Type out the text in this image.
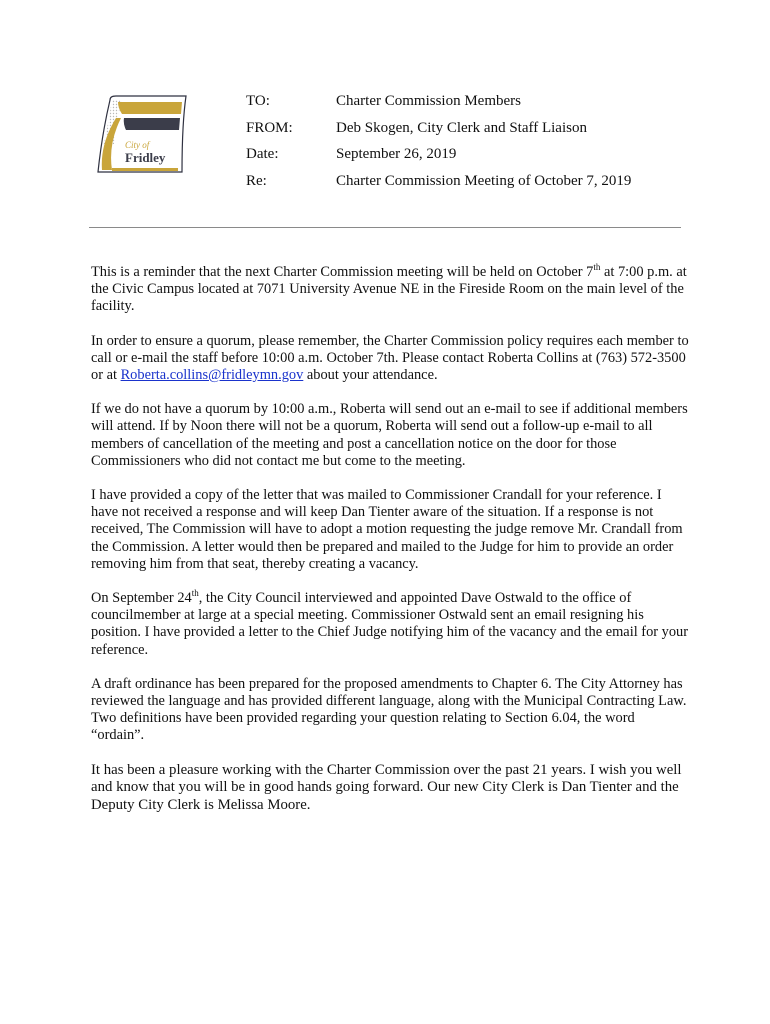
City of
Fridley
TO:	Charter Commission Members
FROM:	Deb Skogen, City Clerk and Staff Liaison
Date:	September 26, 2019
Re:	Charter Commission Meeting of October 7, 2019

This is a reminder that the next Charter Commission meeting will be held on October 7th at 7:00 p.m. at the Civic Campus located at 7071 University Avenue NE in the Fireside Room on the main level of the facility.

In order to ensure a quorum, please remember, the Charter Commission policy requires each member to call or e-mail the staff before 10:00 a.m. October 7th. Please contact Roberta Collins at (763) 572-3500 or at Roberta.collins@fridleymn.gov about your attendance.

If we do not have a quorum by 10:00 a.m., Roberta will send out an e-mail to see if additional members will attend. If by Noon there will not be a quorum, Roberta will send out a follow-up e-mail to all members of cancellation of the meeting and post a cancellation notice on the door for those Commissioners who did not contact me but come to the meeting.

I have provided a copy of the letter that was mailed to Commissioner Crandall for your reference. I have not received a response and will keep Dan Tienter aware of the situation. If a response is not received, The Commission will have to adopt a motion requesting the judge remove Mr. Crandall from the Commission. A letter would then be prepared and mailed to the Judge for him to provide an order removing him from that seat, thereby creating a vacancy.

On September 24th, the City Council interviewed and appointed Dave Ostwald to the office of councilmember at large at a special meeting. Commissioner Ostwald sent an email resigning his position. I have provided a letter to the Chief Judge notifying him of the vacancy and the email for your reference.

A draft ordinance has been prepared for the proposed amendments to Chapter 6. The City Attorney has reviewed the language and has provided different language, along with the Municipal Contracting Law. Two definitions have been provided regarding your question relating to Section 6.04, the word “ordain”.

It has been a pleasure working with the Charter Commission over the past 21 years. I wish you well and know that you will be in good hands going forward. Our new City Clerk is Dan Tienter and the Deputy City Clerk is Melissa Moore.
